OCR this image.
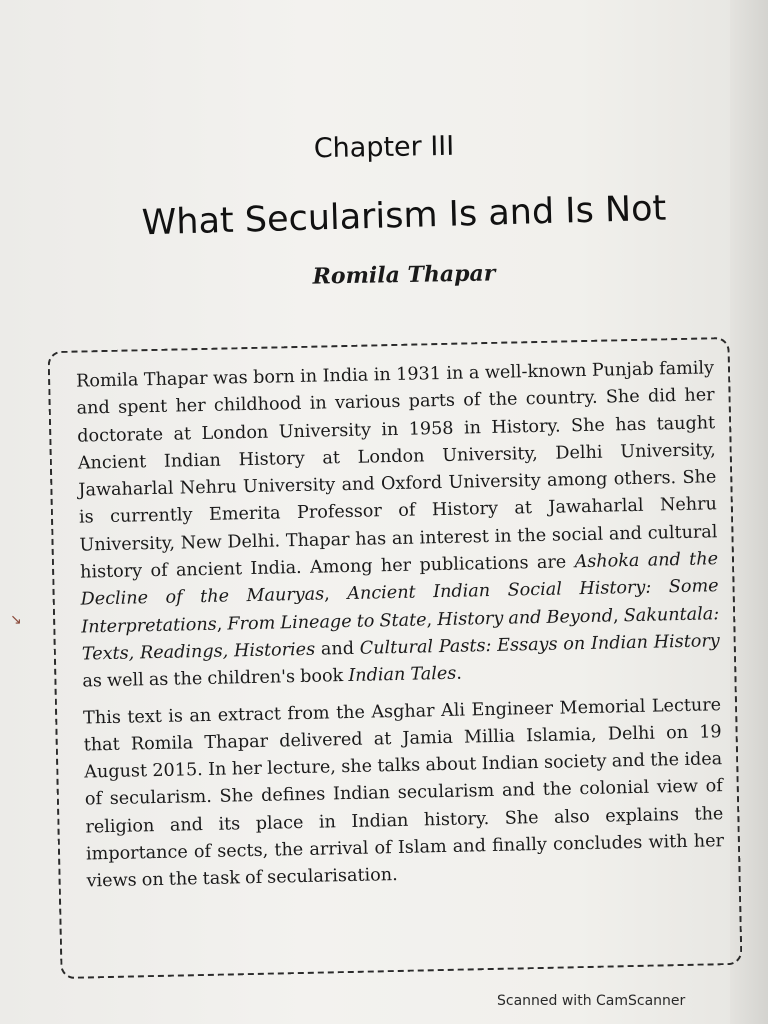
Chapter III
What Secularism Is and Is Not
Romila Thapar
↘

Romila Thapar was born in India in 1931 in a well-known Punjab family and spent her childhood in various parts of the country. She did her doctorate at London University in 1958 in History. She has taught Ancient Indian History at London University, Delhi University, Jawaharlal Nehru University and Oxford University among others. She is currently Emerita Professor of History at Jawaharlal Nehru University, New Delhi. Thapar has an interest in the social and cultural history of ancient India. Among her publications are Ashoka and the Decline of the Mauryas, Ancient Indian Social History: Some Interpretations, From Lineage to State, History and Beyond, Sakuntala: Texts, Readings, Histories and Cultural Pasts: Essays on Indian History as well as the children's book Indian Tales.

This text is an extract from the Asghar Ali Engineer Memorial Lecture that Romila Thapar delivered at Jamia Millia Islamia, Delhi on 19 August 2015. In her lecture, she talks about Indian society and the idea of secularism. She defines Indian secularism and the colonial view of religion and its place in Indian history. She also explains the importance of sects, the arrival of Islam and finally concludes with her views on the task of secularisation.

Scanned with CamScanner
